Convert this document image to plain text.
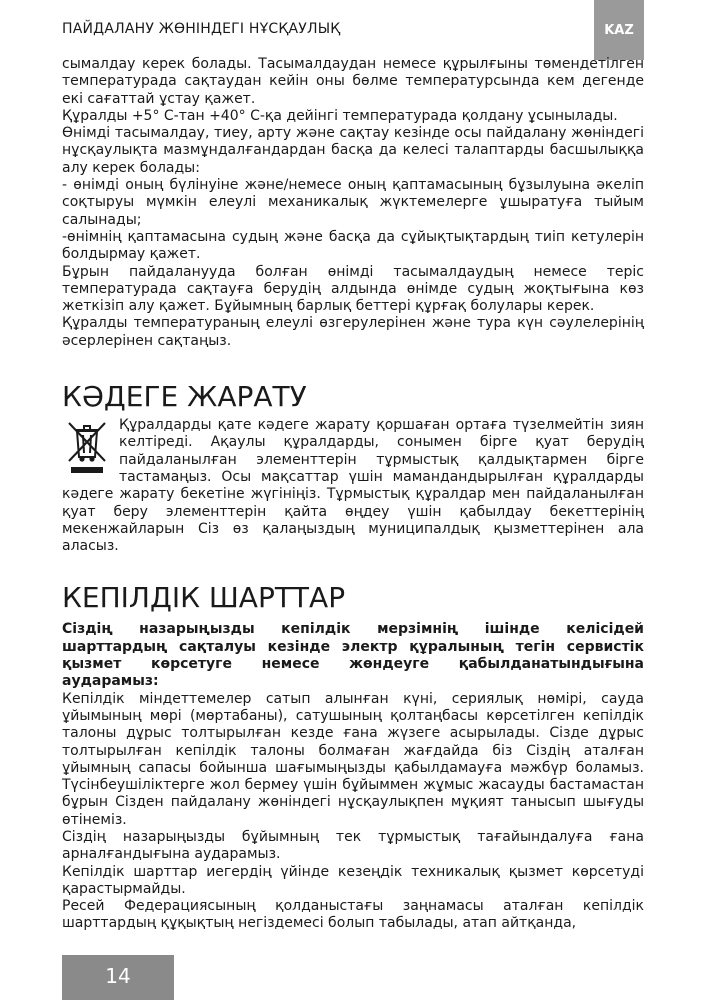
ПАЙДАЛАНУ ЖӨНІНДЕГІ НҰСҚАУЛЫҚ	KAZ

сымалдау керек болады. Тасымалдаудан немесе құрылғыны төмендетілген температурада сақтаудан кейін оны бөлме температурсында кем дегенде екі сағаттай ұстау қажет.

Құралды +5° С-тан +40° С-қа дейінгі температурада қолдану ұсынылады.

Өнімді тасымалдау, тиеу, арту және сақтау кезінде осы пайдалану жөніндегі нұсқаулықта мазмұндалғандардан басқа да келесі талаптарды басшылыққа алу керек болады:

- өнімді оның бүлінуіне және/немесе оның қаптамасының бұзылуына әкеліп соқтыруы мүмкін елеулі механикалық жүктемелерге ұшыратуға тыйым салынады;

-өнімнің қаптамасына судың және басқа да сұйықтықтардың тиіп кетулерін болдырмау қажет.

Бұрын пайдаланууда болған өнімді тасымалдаудың немесе теріс температурада сақтауға берудің алдында өнімде судың жоқтығына көз жеткізіп алу қажет. Бұйымның барлық беттері құрғақ болулары керек.

Құралды температураның елеулі өзгерулерінен және тура күн сәулелерінің әсерлерінен сақтаңыз.

КӘДЕГЕ ЖАРАТУ

Құралдарды қате кәдеге жарату қоршаған ортаға түзелмейтін зиян келтіреді. Ақаулы құралдарды, сонымен бірге қуат берудің пайдаланылған элементтерін тұрмыстық қалдықтармен бірге тастамаңыз. Осы мақсаттар үшін мамандандырылған құралдарды кәдеге жарату бекетіне жүгініңіз. Тұрмыстық құралдар мен пайдаланылған қуат беру элементтерін қайта өңдеу үшін қабылдау бекеттерінің мекенжайларын Сіз өз қалаңыздың муниципалдық қызметтерінен ала аласыз.

КЕПІЛДІК ШАРТТАР

Сіздің назарыңызды кепілдік мерзімнің ішінде келісідей шарттардың сақталуы кезінде электр құралының тегін сервистік қызмет көрсетуге немесе жөндеуге қабылданатындығына аударамыз:

Кепілдік міндеттемелер сатып алынған күні, сериялық нөмірі, сауда ұйымының мөрі (мөртабаны), сатушының қолтаңбасы көрсетілген кепілдік талоны дұрыс толтырылған кезде ғана жүзеге асырылады. Сізде дұрыс толтырылған кепілдік талоны болмаған жағдайда біз Сіздің аталған ұйымның сапасы бойынша шағымыңызды қабылдамауға мәжбүр боламыз. Түсінбеушіліктерге жол бермеу үшін бұйыммен жұмыс жасауды бастамастан бұрын Сізден пайдалану жөніндегі нұсқаулықпен мұқият танысып шығуды өтінеміз.

Сіздің назарыңызды бұйымның тек тұрмыстық тағайындалуға ғана арналғандығына аударамыз.

Кепілдік шарттар иегердің үйінде кезеңдік техникалық қызмет көрсетуді қарастырмайды.

Ресей Федерациясының қолданыстағы заңнамасы аталған кепілдік шарттардың құқықтың негіздемесі болып табылады, атап айтқанда,

14
